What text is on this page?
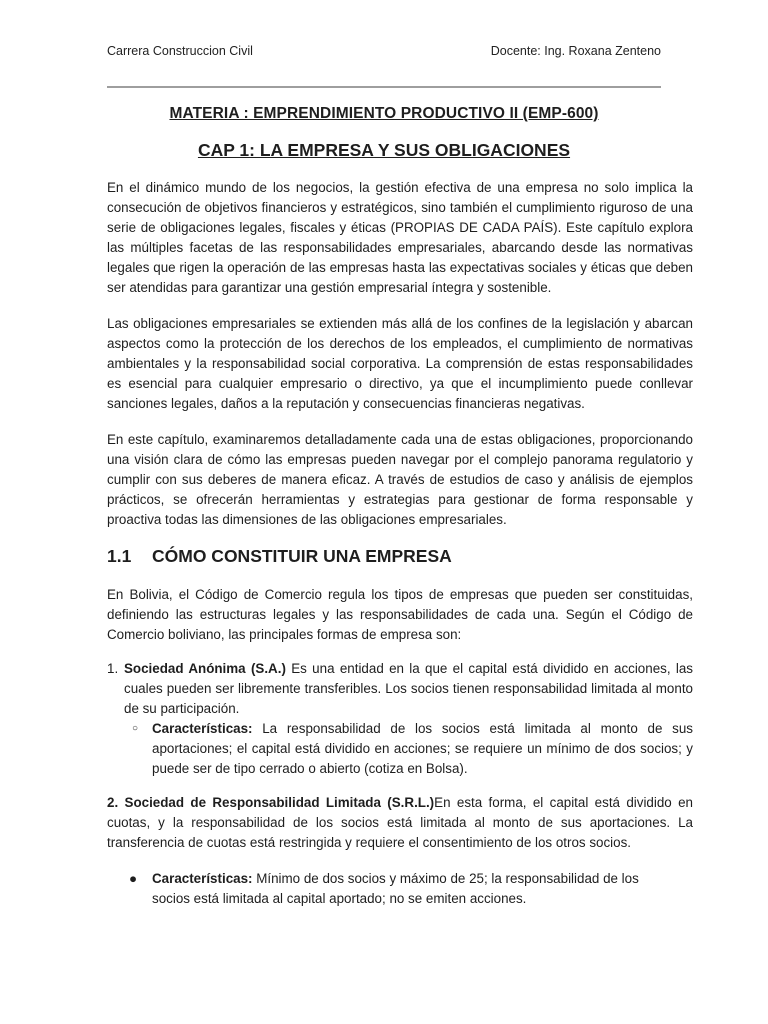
Carrera Construccion Civil	Docente: Ing. Roxana Zenteno
MATERIA : EMPRENDIMIENTO PRODUCTIVO II (EMP-600)
CAP 1: LA EMPRESA Y SUS OBLIGACIONES

En el dinámico mundo de los negocios, la gestión efectiva de una empresa no solo implica la consecución de objetivos financieros y estratégicos, sino también el cumplimiento riguroso de una serie de obligaciones legales, fiscales y éticas (PROPIAS DE CADA PAÍS). Este capítulo explora las múltiples facetas de las responsabilidades empresariales, abarcando desde las normativas legales que rigen la operación de las empresas hasta las expectativas sociales y éticas que deben ser atendidas para garantizar una gestión empresarial íntegra y sostenible.

Las obligaciones empresariales se extienden más allá de los confines de la legislación y abarcan aspectos como la protección de los derechos de los empleados, el cumplimiento de normativas ambientales y la responsabilidad social corporativa. La comprensión de estas responsabilidades es esencial para cualquier empresario o directivo, ya que el incumplimiento puede conllevar sanciones legales, daños a la reputación y consecuencias financieras negativas.

En este capítulo, examinaremos detalladamente cada una de estas obligaciones, proporcionando una visión clara de cómo las empresas pueden navegar por el complejo panorama regulatorio y cumplir con sus deberes de manera eficaz. A través de estudios de caso y análisis de ejemplos prácticos, se ofrecerán herramientas y estrategias para gestionar de forma responsable y proactiva todas las dimensiones de las obligaciones empresariales.

1.1	CÓMO CONSTITUIR UNA EMPRESA

En Bolivia, el Código de Comercio regula los tipos de empresas que pueden ser constituidas, definiendo las estructuras legales y las responsabilidades de cada una. Según el Código de Comercio boliviano, las principales formas de empresa son:

1. Sociedad Anónima (S.A.) Es una entidad en la que el capital está dividido en acciones, las cuales pueden ser libremente transferibles. Los socios tienen responsabilidad limitada al monto de su participación.
○	Características: La responsabilidad de los socios está limitada al monto de sus aportaciones; el capital está dividido en acciones; se requiere un mínimo de dos socios; y puede ser de tipo cerrado o abierto (cotiza en Bolsa).

2. Sociedad de Responsabilidad Limitada (S.R.L.)En esta forma, el capital está dividido en cuotas, y la responsabilidad de los socios está limitada al monto de sus aportaciones. La transferencia de cuotas está restringida y requiere el consentimiento de los otros socios.

●	Características: Mínimo de dos socios y máximo de 25; la responsabilidad de los socios está limitada al capital aportado; no se emiten acciones.
